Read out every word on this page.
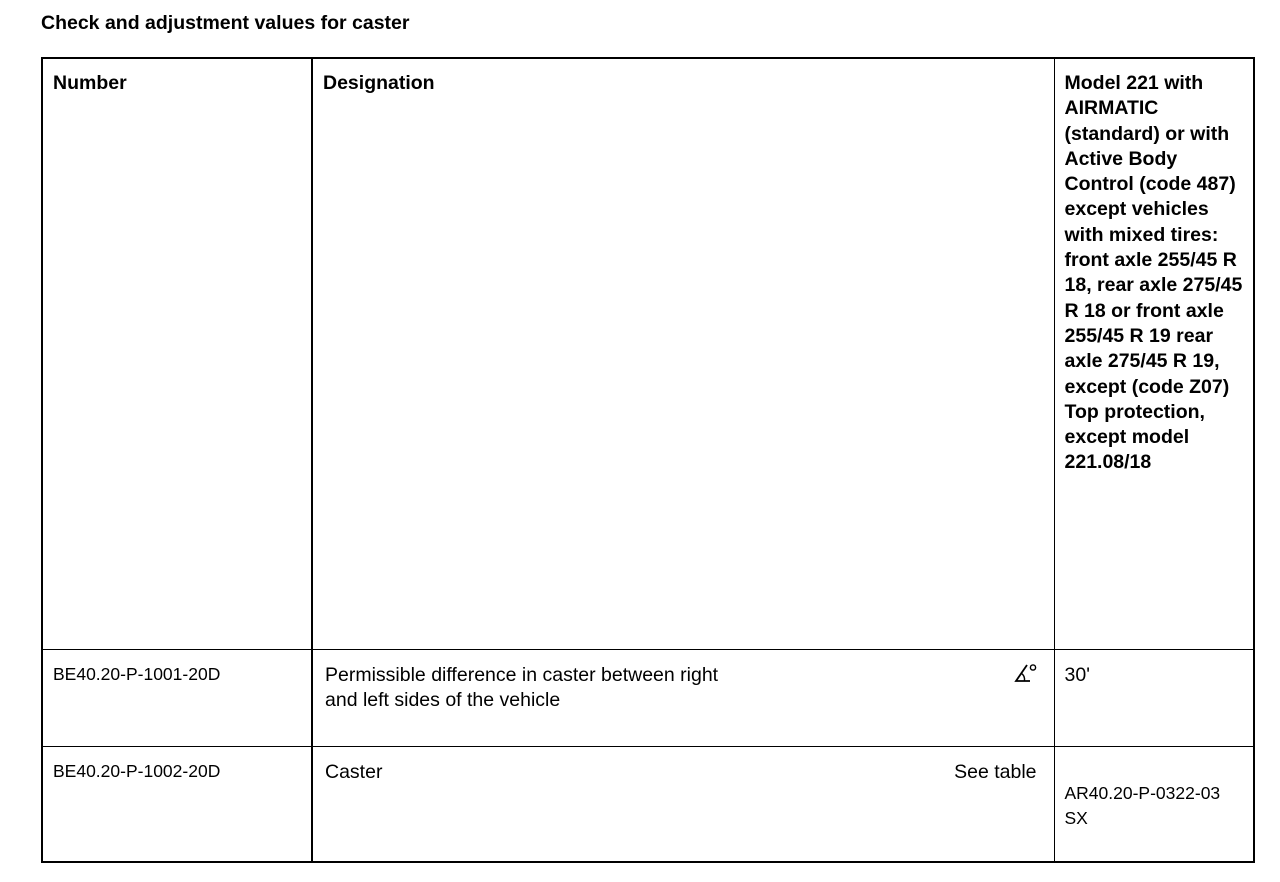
Check and adjustment values for caster
Number	Designation	Model 221 with AIRMATIC (standard) or with Active Body Control (code 487) except vehicles with mixed tires: front axle 255/45 R 18, rear axle 275/45 R 18 or front axle 255/45 R 19 rear axle 275/45 R 19, except (code Z07) Top protection, except model 221.08/18

BE40.20-P-1001-20D	Permissible difference in caster between right and left sides of the vehicle	30'

BE40.20-P-1002-20D	Caster See table	AR40.20-P-0322-03 SX
